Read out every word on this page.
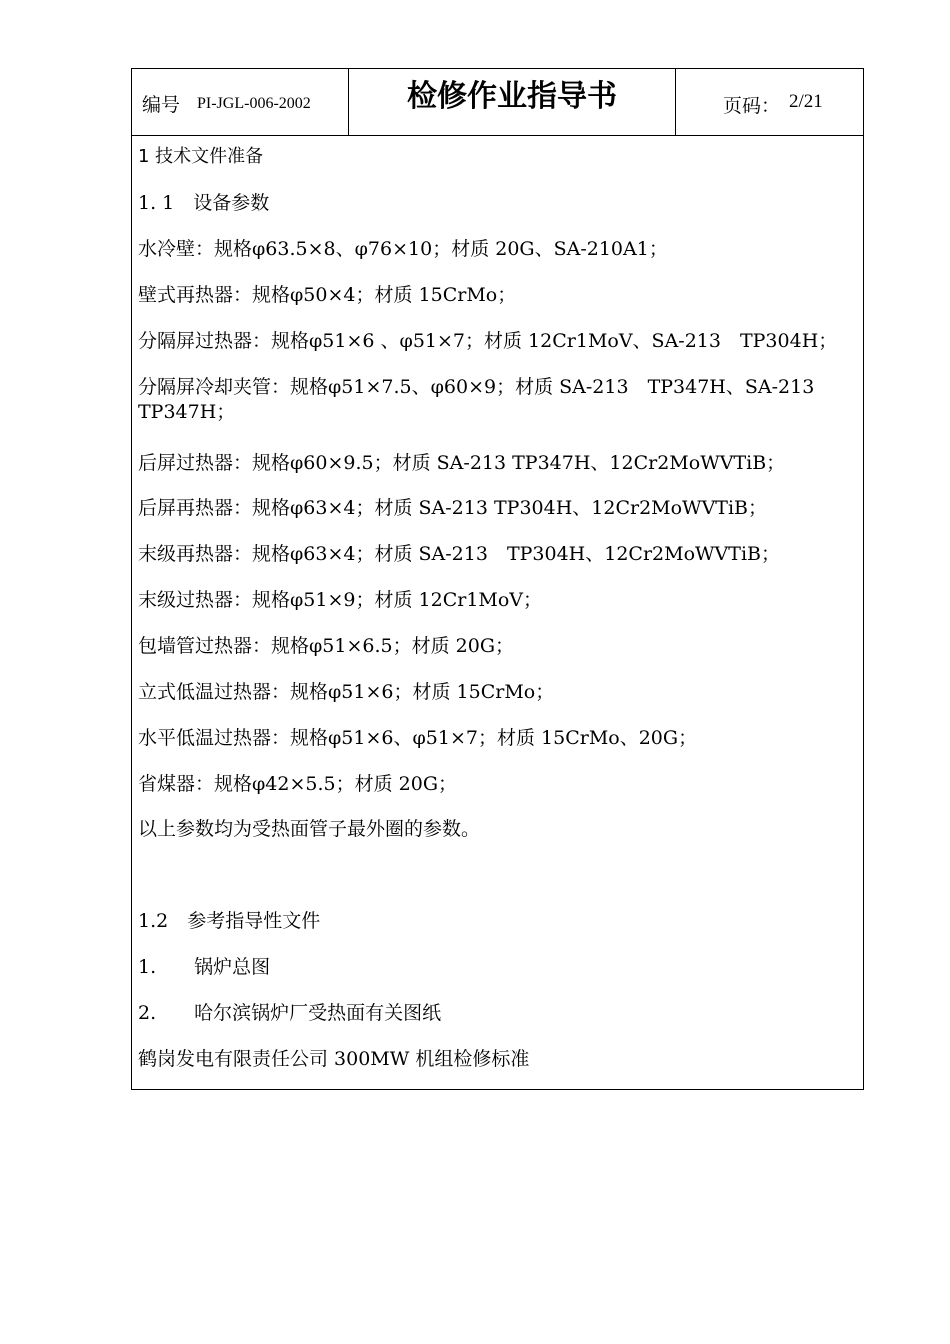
编号 PI-JGL-006-2002	检修作业指导书	页码： 2/21
1 技术文件准备
1. 1　设备参数
水冷壁：规格φ63.5×8、φ76×10；材质 20G、SA-210A1；
壁式再热器：规格φ50×4；材质 15CrMo；
分隔屏过热器：规格φ51×6 、φ51×7；材质 12Cr1MoV、SA-213　TP304H；
分隔屏冷却夹管：规格φ51×7.5、φ60×9；材质 SA-213　TP347H、SA-213
TP347H；
后屏过热器：规格φ60×9.5；材质 SA-213 TP347H、12Cr2MoWVTiB；
后屏再热器：规格φ63×4；材质 SA-213 TP304H、12Cr2MoWVTiB；
末级再热器：规格φ63×4；材质 SA-213　TP304H、12Cr2MoWVTiB；
末级过热器：规格φ51×9；材质 12Cr1MoV；
包墙管过热器：规格φ51×6.5；材质 20G；
立式低温过热器：规格φ51×6；材质 15CrMo；
水平低温过热器：规格φ51×6、φ51×7；材质 15CrMo、20G；
省煤器：规格φ42×5.5；材质 20G；
以上参数均为受热面管子最外圈的参数。
1.2　参考指导性文件
1.　　锅炉总图
2.　　哈尔滨锅炉厂受热面有关图纸
鹤岗发电有限责任公司 300MW 机组检修标准
